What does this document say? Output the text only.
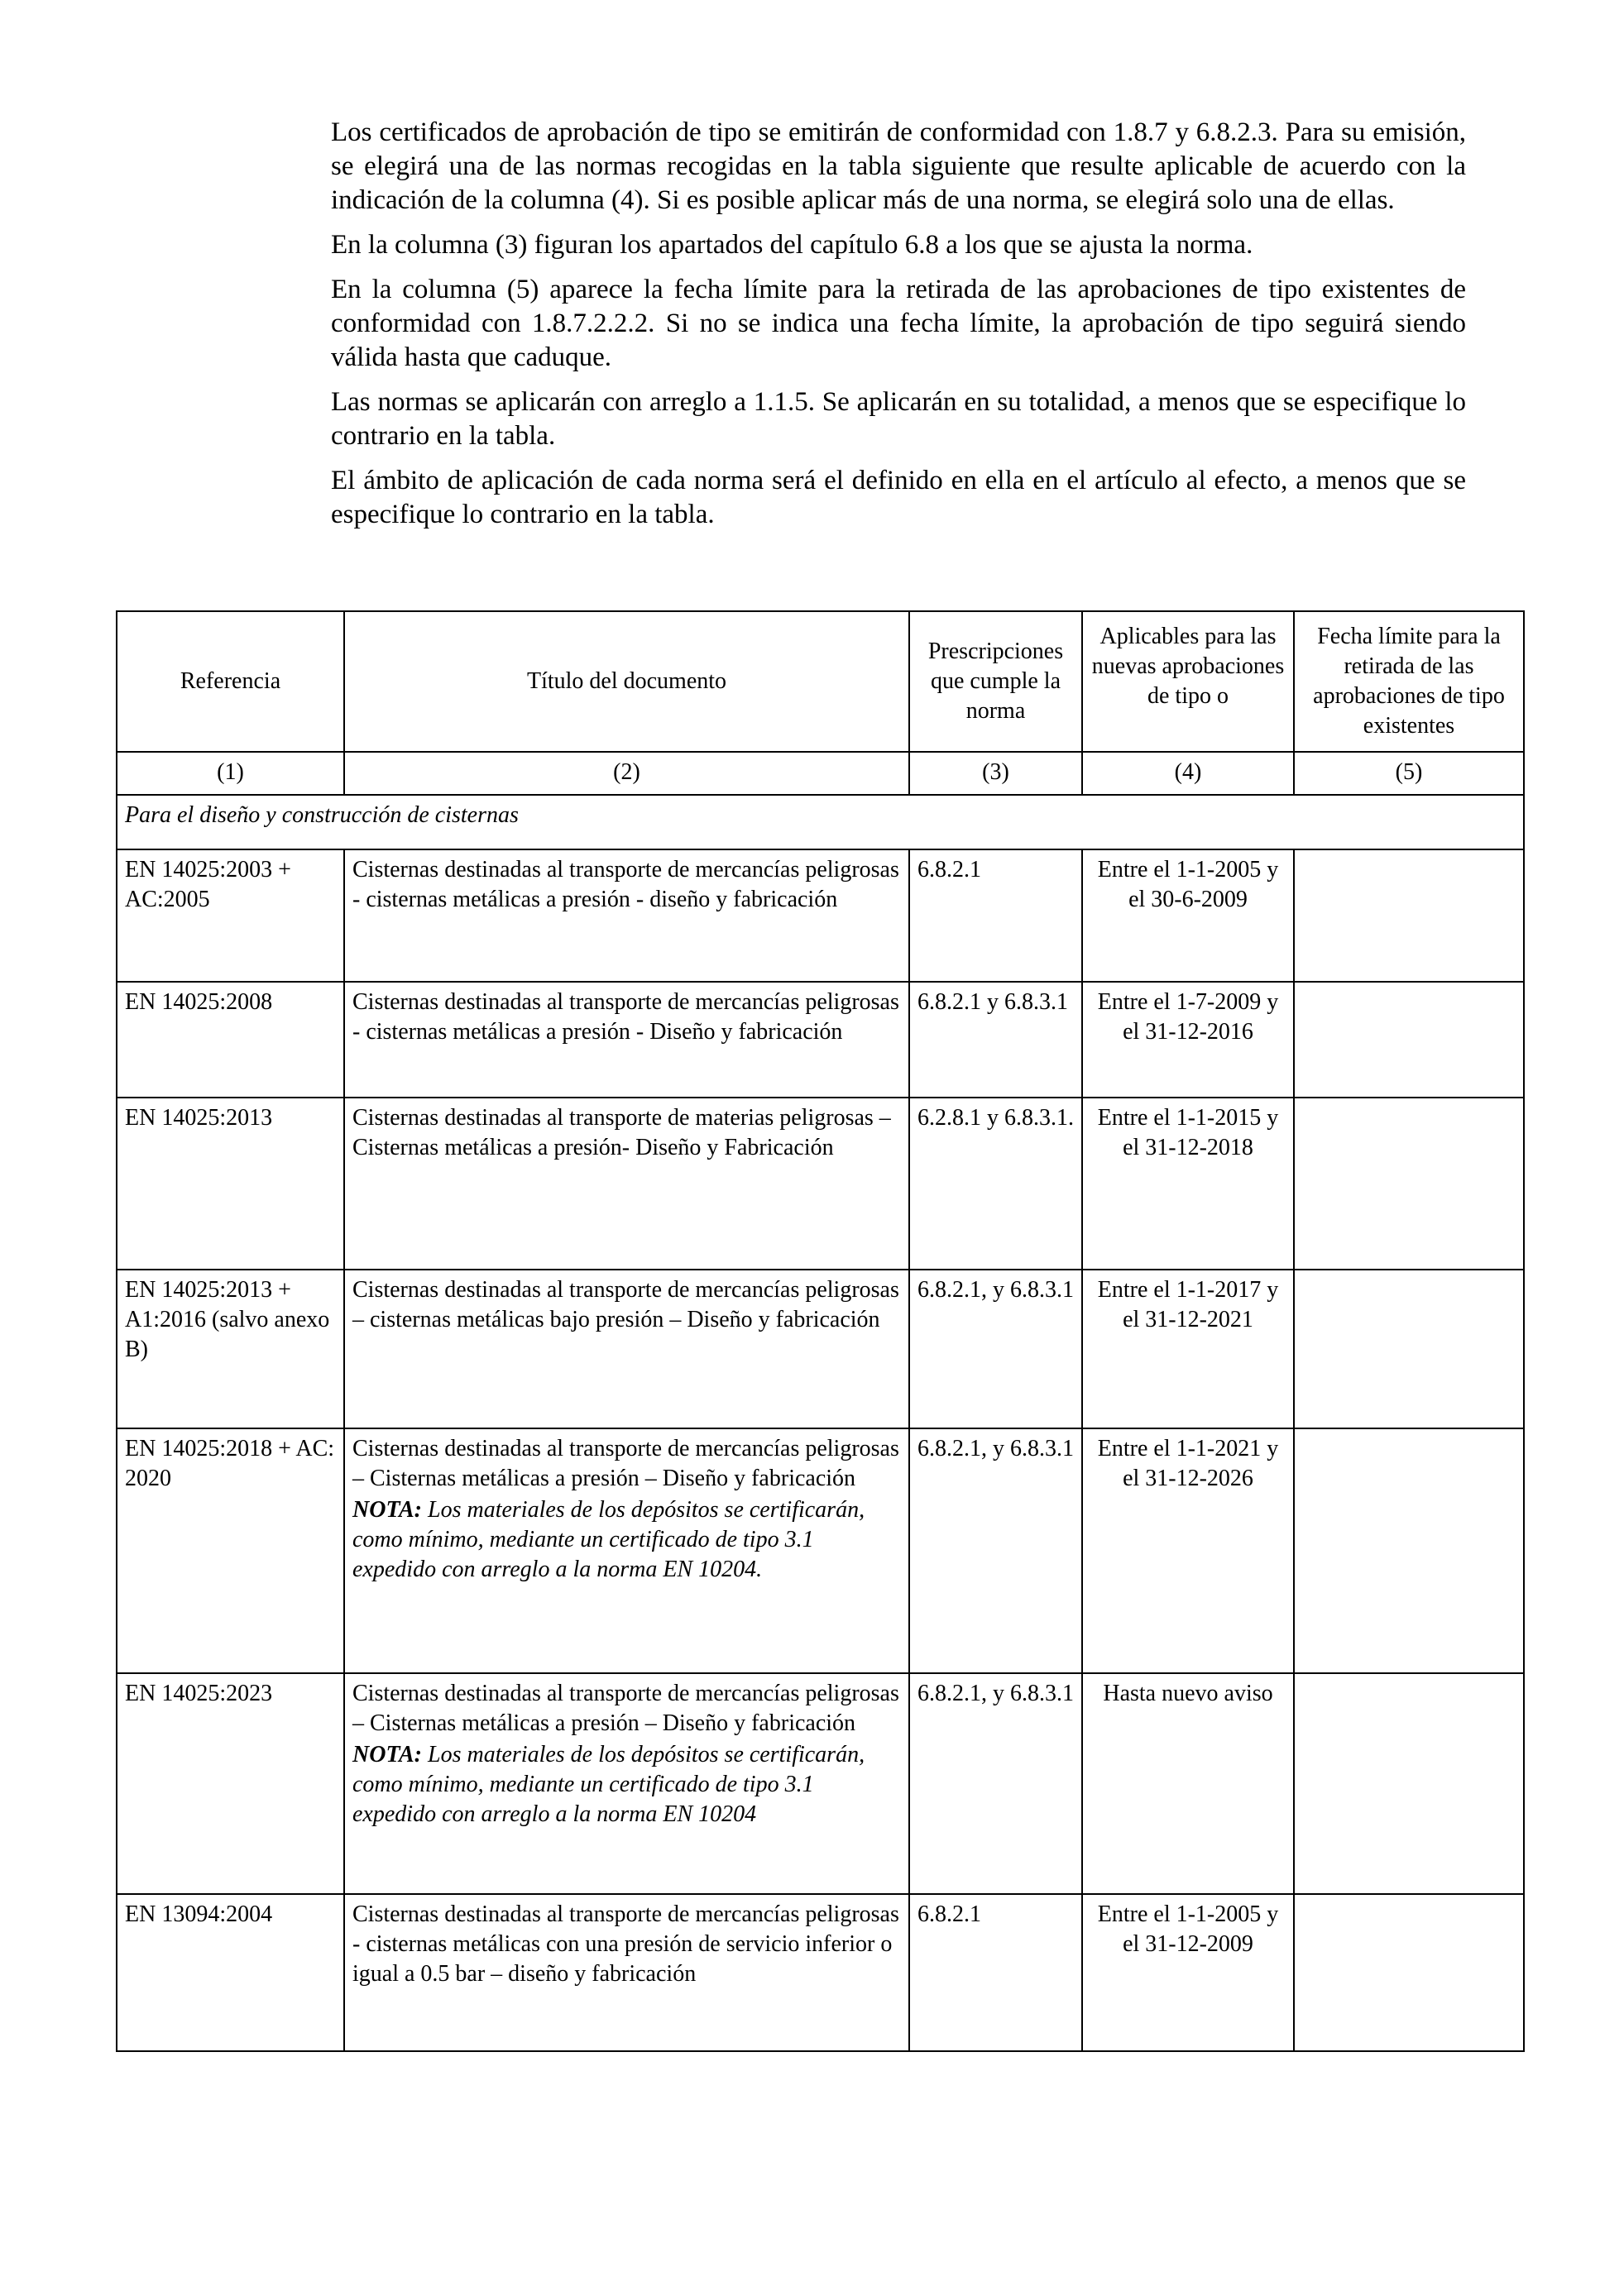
Los certificados de aprobación de tipo se emitirán de conformidad con 1.8.7 y 6.8.2.3. Para su emisión, se elegirá una de las normas recogidas en la tabla siguiente que resulte aplicable de acuerdo con la indicación de la columna (4). Si es posible aplicar más de una norma, se elegirá solo una de ellas.

En la columna (3) figuran los apartados del capítulo 6.8 a los que se ajusta la norma.

En la columna (5) aparece la fecha límite para la retirada de las aprobaciones de tipo existentes de conformidad con 1.8.7.2.2.2. Si no se indica una fecha límite, la aprobación de tipo seguirá siendo válida hasta que caduque.

Las normas se aplicarán con arreglo a 1.1.5. Se aplicarán en su totalidad, a menos que se especifique lo contrario en la tabla.

El ámbito de aplicación de cada norma será el definido en ella en el artículo al efecto, a menos que se especifique lo contrario en la tabla.

Referencia	Título del documento	Prescripciones que cumple la norma	Aplicables para las nuevas aprobaciones de tipo o	Fecha límite para la retirada de las aprobaciones de tipo existentes
(1)	(2)	(3)	(4)	(5)
Para el diseño y construcción de cisternas				
EN 14025:2003 + AC:2005	Cisternas destinadas al transporte de mercancías peligrosas - cisternas metálicas a presión - diseño y fabricación	6.8.2.1	Entre el 1-1-2005 y el 30-6-2009	
EN 14025:2008	Cisternas destinadas al transporte de mercancías peligrosas - cisternas metálicas a presión - Diseño y fabricación	6.8.2.1 y 6.8.3.1	Entre el 1-7-2009 y el 31-12-2016	
EN 14025:2013	Cisternas destinadas al transporte de materias peligrosas – Cisternas metálicas a presión- Diseño y Fabricación	6.2.8.1 y 6.8.3.1.	Entre el 1-1-2015 y el 31-12-2018	
EN 14025:2013 + A1:2016 (salvo anexo B)	Cisternas destinadas al transporte de mercancías peligrosas – cisternas metálicas bajo presión – Diseño y fabricación	6.8.2.1, y 6.8.3.1	Entre el 1-1-2017 y el 31-12-2021	
EN 14025:2018 + AC: 2020	Cisternas destinadas al transporte de mercancías peligrosas – Cisternas metálicas a presión – Diseño y fabricación
NOTA: Los materiales de los depósitos se certificarán, como mínimo, mediante un certificado de tipo 3.1 expedido con arreglo a la norma EN 10204.	6.8.2.1, y 6.8.3.1	Entre el 1-1-2021 y el 31-12-2026	
EN 14025:2023	Cisternas destinadas al transporte de mercancías peligrosas – Cisternas metálicas a presión – Diseño y fabricación
NOTA: Los materiales de los depósitos se certificarán, como mínimo, mediante un certificado de tipo 3.1 expedido con arreglo a la norma EN 10204	6.8.2.1, y 6.8.3.1	Hasta nuevo aviso	
EN 13094:2004	Cisternas destinadas al transporte de mercancías peligrosas - cisternas metálicas con una presión de servicio inferior o igual a 0.5 bar – diseño y fabricación	6.8.2.1	Entre el 1-1-2005 y el 31-12-2009	
